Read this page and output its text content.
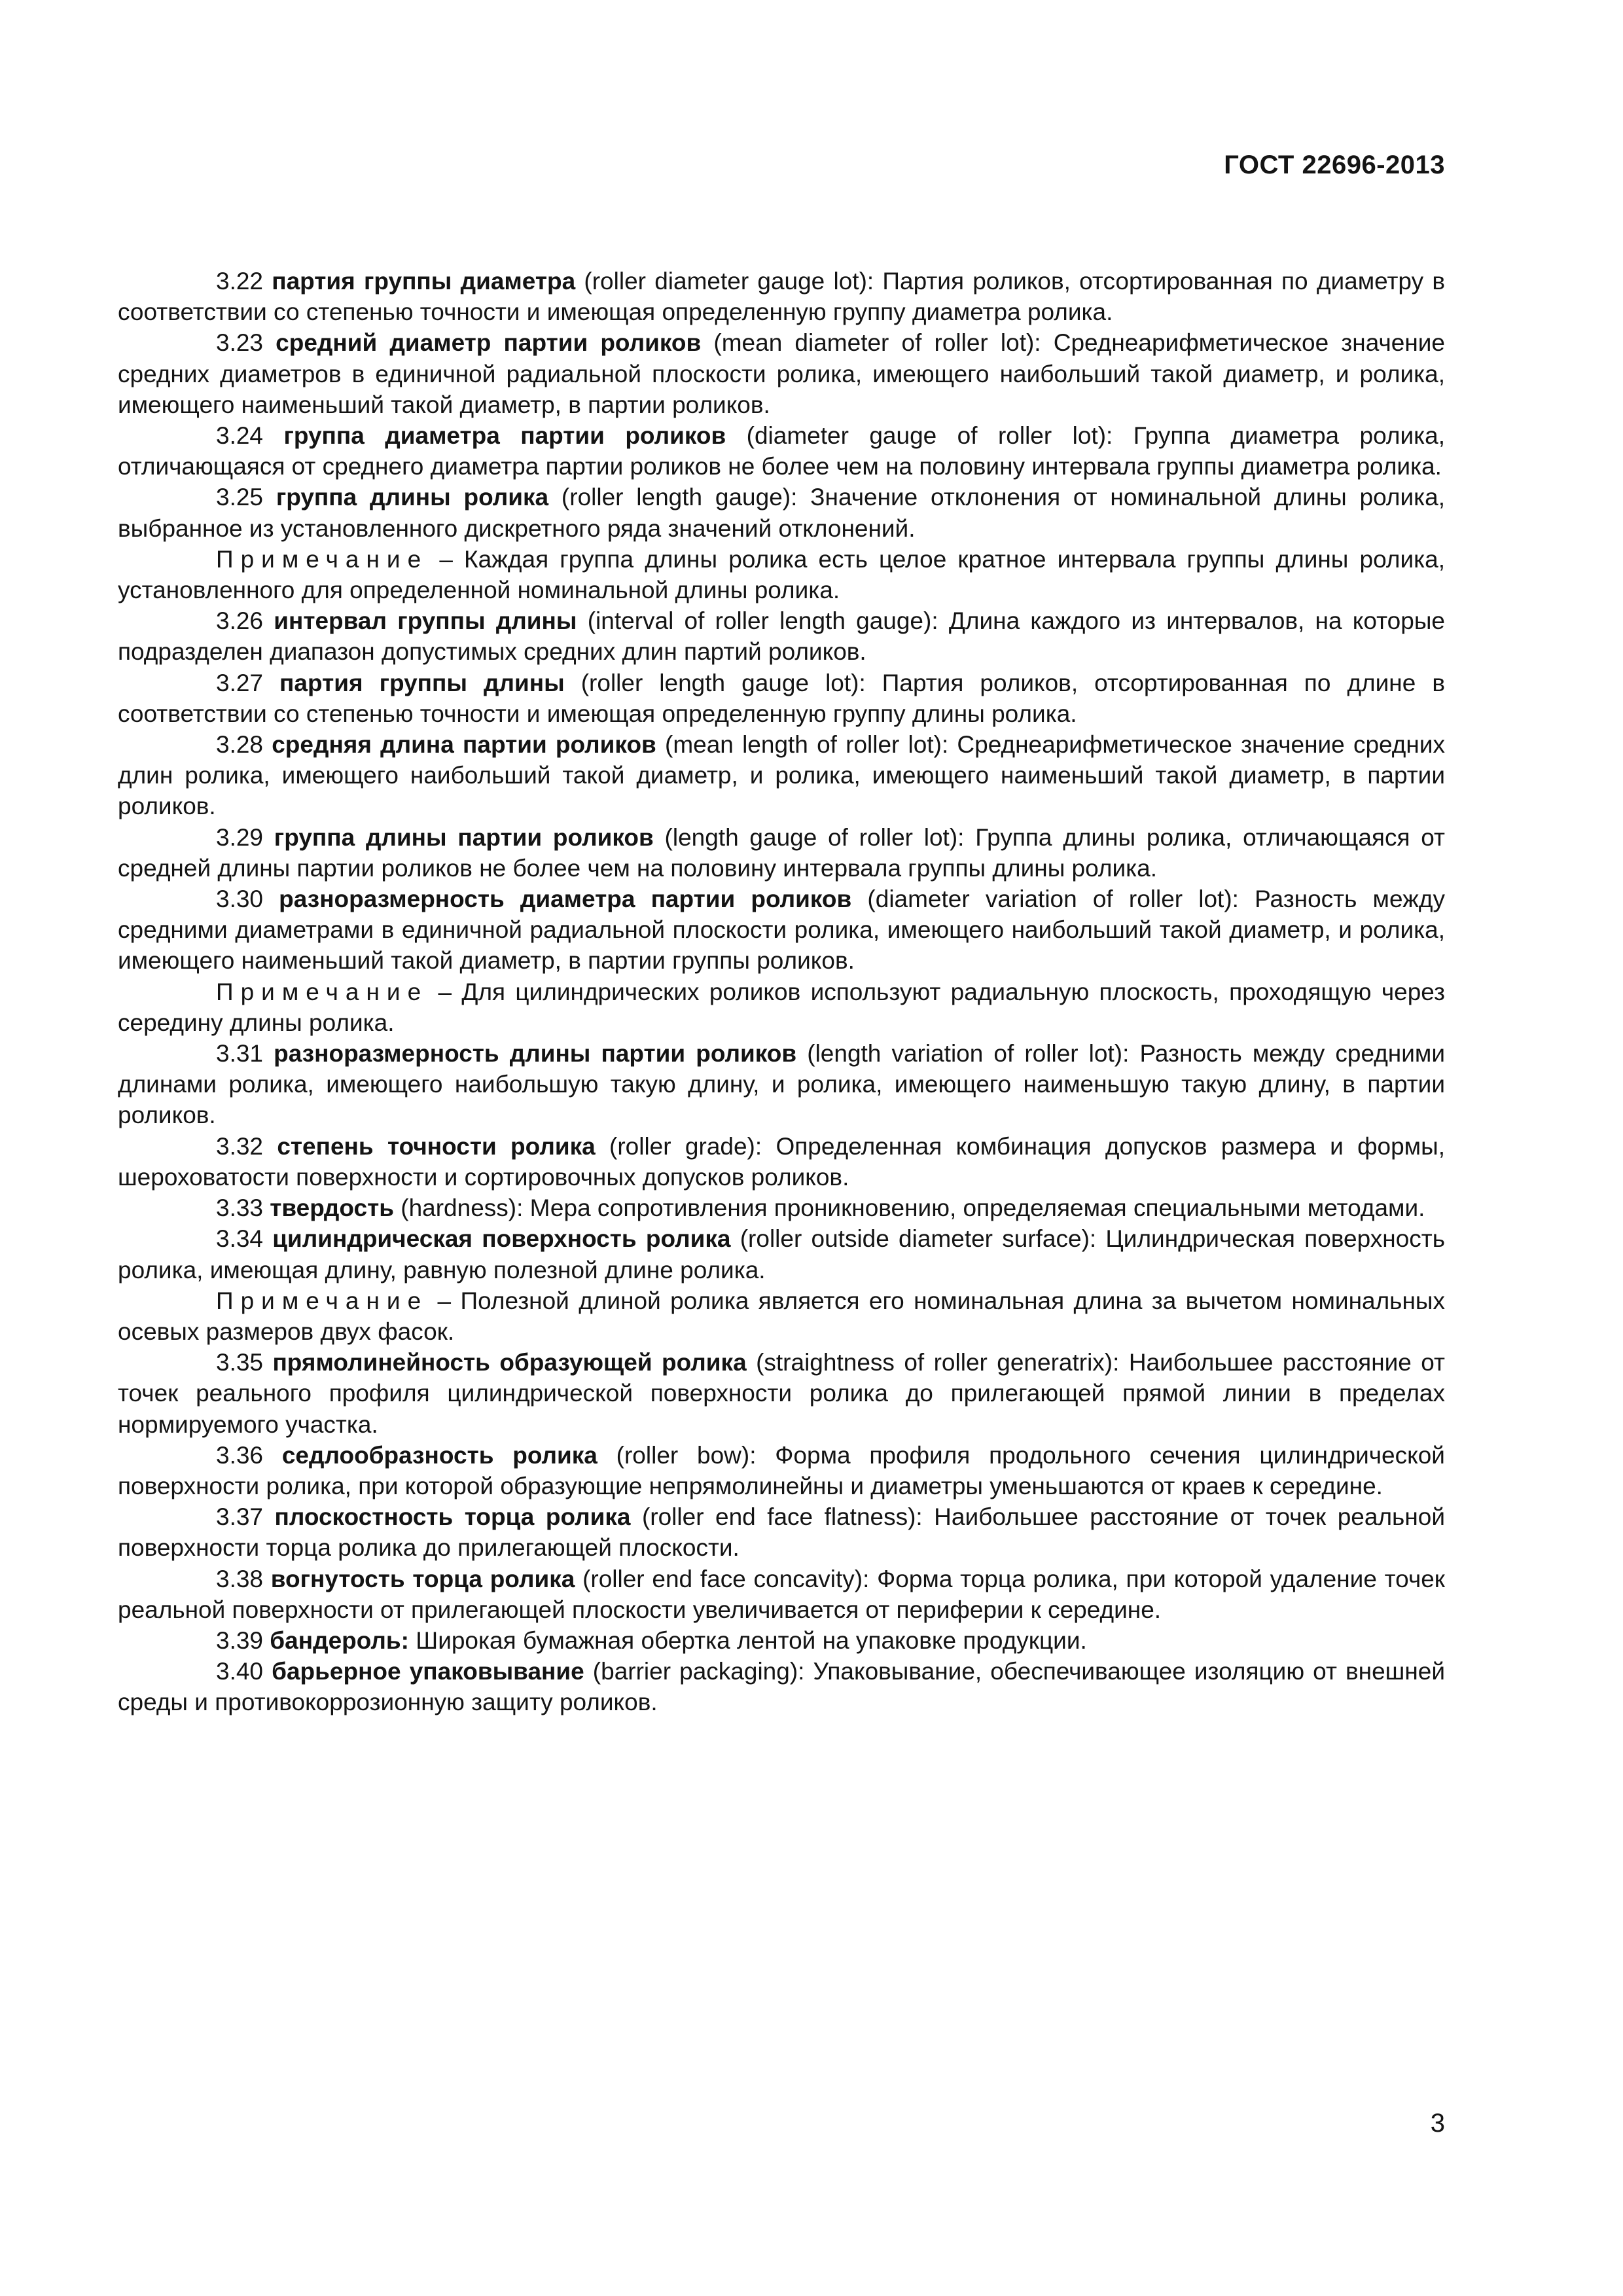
ГОСТ 22696-2013

3.22 партия группы диаметра (roller diameter gauge lot): Партия роликов, отсортированная по диаметру в соответствии со степенью точности и имеющая определенную группу диаметра ролика.

3.23 средний диаметр партии роликов (mean diameter of roller lot): Среднеарифметическое значение средних диаметров в единичной радиальной плоскости ролика, имеющего наибольший такой диаметр, и ролика, имеющего наименьший такой диаметр, в партии роликов.

3.24 группа диаметра партии роликов (diameter gauge of roller lot): Группа диаметра ролика, отличающаяся от среднего диаметра партии роликов не более чем на половину интервала группы диаметра ролика.

3.25 группа длины ролика (roller length gauge): Значение отклонения от номинальной длины ролика, выбранное из установленного дискретного ряда значений отклонений.

Примечание – Каждая группа длины ролика есть целое кратное интервала группы длины ролика, установленного для определенной номинальной длины ролика.

3.26 интервал группы длины (interval of roller length gauge): Длина каждого из интервалов, на которые подразделен диапазон допустимых средних длин партий роликов.

3.27 партия группы длины (roller length gauge lot): Партия роликов, отсортированная по длине в соответствии со степенью точности и имеющая определенную группу длины ролика.

3.28 средняя длина партии роликов (mean length of roller lot): Среднеарифметическое значение средних длин ролика, имеющего наибольший такой диаметр, и ролика, имеющего наименьший такой диаметр, в партии роликов.

3.29 группа длины партии роликов (length gauge of roller lot): Группа длины ролика, отличающаяся от средней длины партии роликов не более чем на половину интервала группы длины ролика.

3.30 разноразмерность диаметра партии роликов (diameter variation of roller lot): Разность между средними диаметрами в единичной радиальной плоскости ролика, имеющего наибольший такой диаметр, и ролика, имеющего наименьший такой диаметр, в партии группы роликов.

Примечание – Для цилиндрических роликов используют радиальную плоскость, проходящую через середину длины ролика.

3.31 разноразмерность длины партии роликов (length variation of roller lot): Разность между средними длинами ролика, имеющего наибольшую такую длину, и ролика, имеющего наименьшую такую длину, в партии роликов.

3.32 степень точности ролика (roller grade): Определенная комбинация допусков размера и формы, шероховатости поверхности и сортировочных допусков роликов.

3.33 твердость (hardness): Мера сопротивления проникновению, определяемая специальными методами.

3.34 цилиндрическая поверхность ролика (roller outside diameter surface): Цилиндрическая поверхность ролика, имеющая длину, равную полезной длине ролика.

Примечание – Полезной длиной ролика является его номинальная длина за вычетом номинальных осевых размеров двух фасок.

3.35 прямолинейность образующей ролика (straightness of roller generatrix): Наибольшее расстояние от точек реального профиля цилиндрической поверхности ролика до прилегающей прямой линии в пределах нормируемого участка.

3.36 седлообразность ролика (roller bow): Форма профиля продольного сечения цилиндрической поверхности ролика, при которой образующие непрямолинейны и диаметры уменьшаются от краев к середине.

3.37 плоскостность торца ролика (roller end face flatness): Наибольшее расстояние от точек реальной поверхности торца ролика до прилегающей плоскости.

3.38 вогнутость торца ролика (roller end face concavity): Форма торца ролика, при которой удаление точек реальной поверхности от прилегающей плоскости увеличивается от периферии к середине.

3.39 бандероль: Широкая бумажная обертка лентой на упаковке продукции.

3.40 барьерное упаковывание (barrier packaging): Упаковывание, обеспечивающее изоляцию от внешней среды и противокоррозионную защиту роликов.

3
